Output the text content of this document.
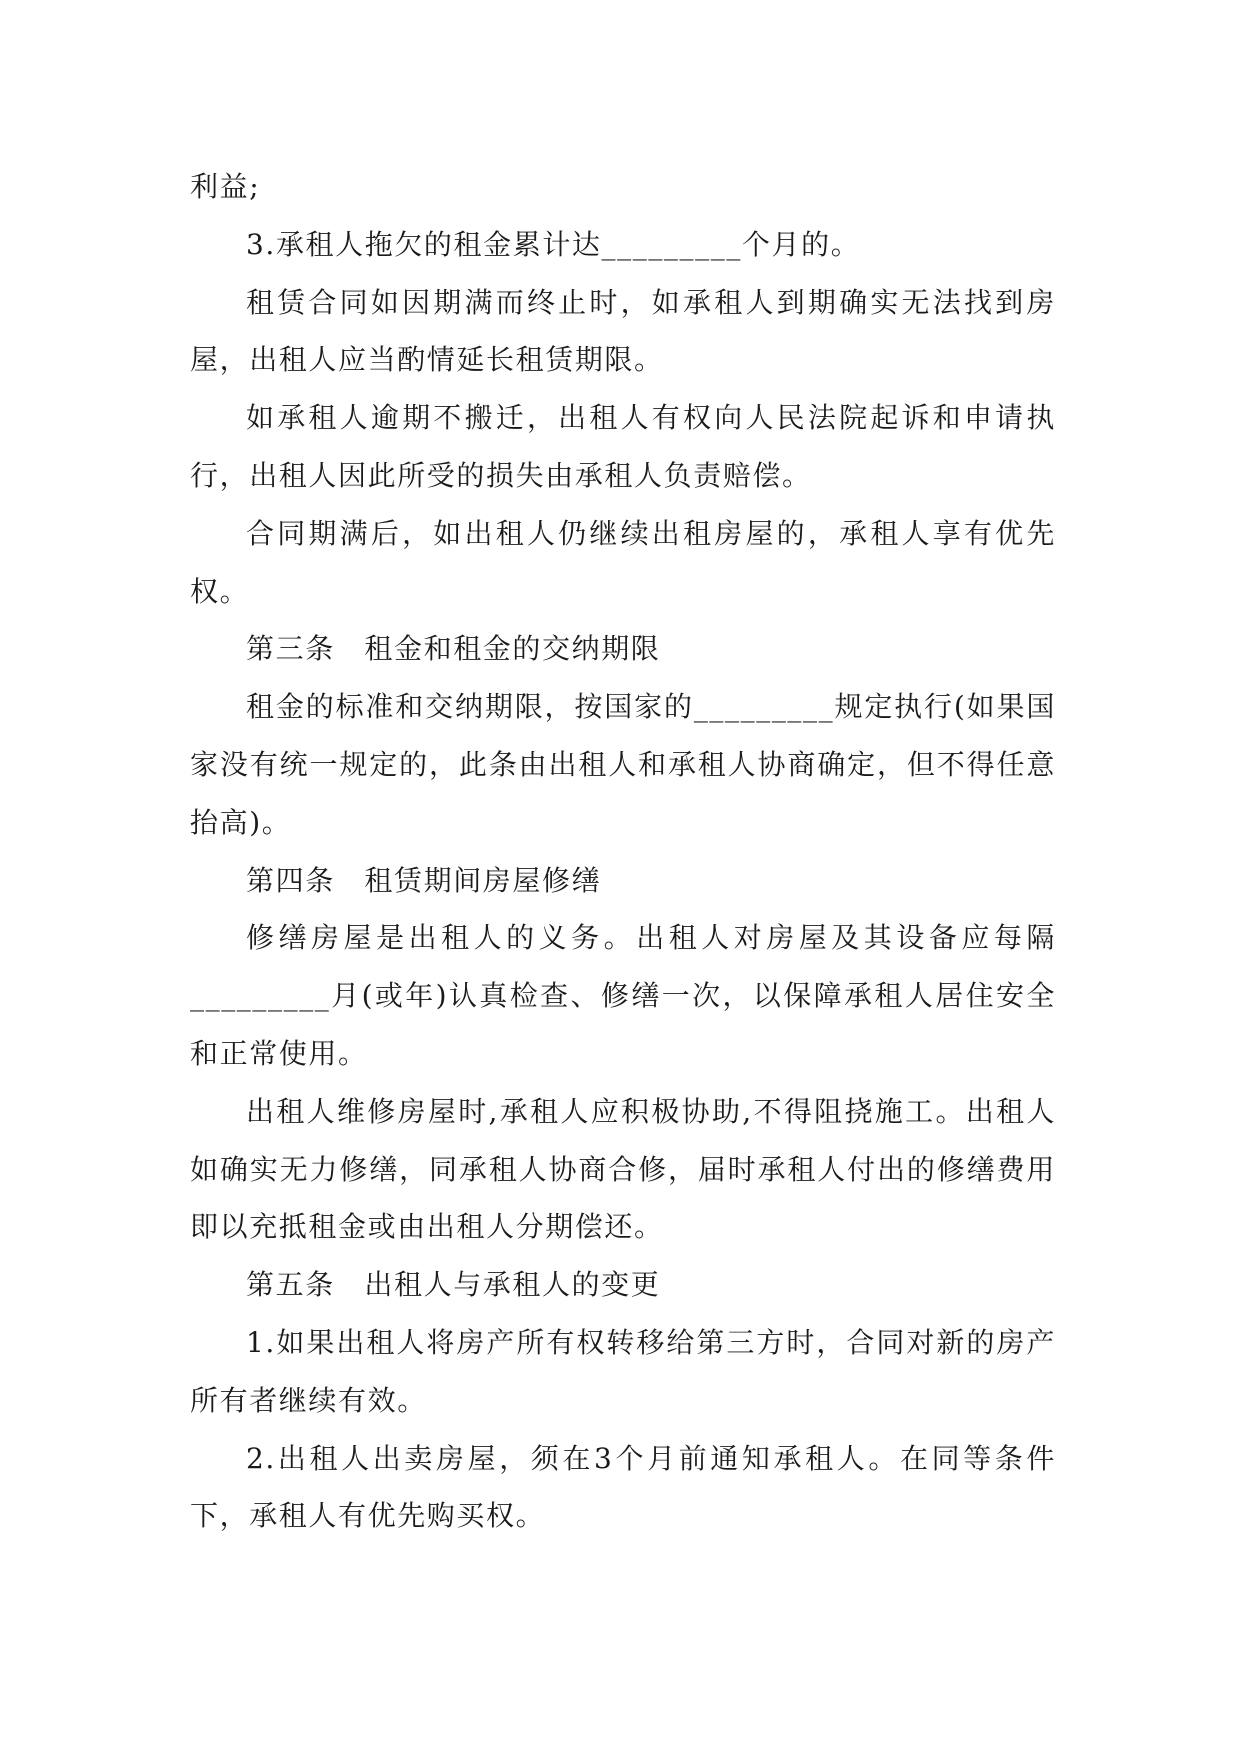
利益;

3.承租人拖欠的租金累计达_________个月的。

租赁合同如因期满而终止时，如承租人到期确实无法找到房屋，出租人应当酌情延长租赁期限。

如承租人逾期不搬迁，出租人有权向人民法院起诉和申请执行，出租人因此所受的损失由承租人负责赔偿。

合同期满后，如出租人仍继续出租房屋的，承租人享有优先权。

第三条　租金和租金的交纳期限

租金的标准和交纳期限，按国家的_________规定执行(如果国家没有统一规定的，此条由出租人和承租人协商确定，但不得任意抬高)。

第四条　租赁期间房屋修缮

修缮房屋是出租人的义务。出租人对房屋及其设备应每隔_________月(或年)认真检查、修缮一次，以保障承租人居住安全和正常使用。

出租人维修房屋时,承租人应积极协助,不得阻挠施工。出租人如确实无力修缮，同承租人协商合修，届时承租人付出的修缮费用即以充抵租金或由出租人分期偿还。

第五条　出租人与承租人的变更

1.如果出租人将房产所有权转移给第三方时，合同对新的房产所有者继续有效。

2.出租人出卖房屋，须在3个月前通知承租人。在同等条件下，承租人有优先购买权。
